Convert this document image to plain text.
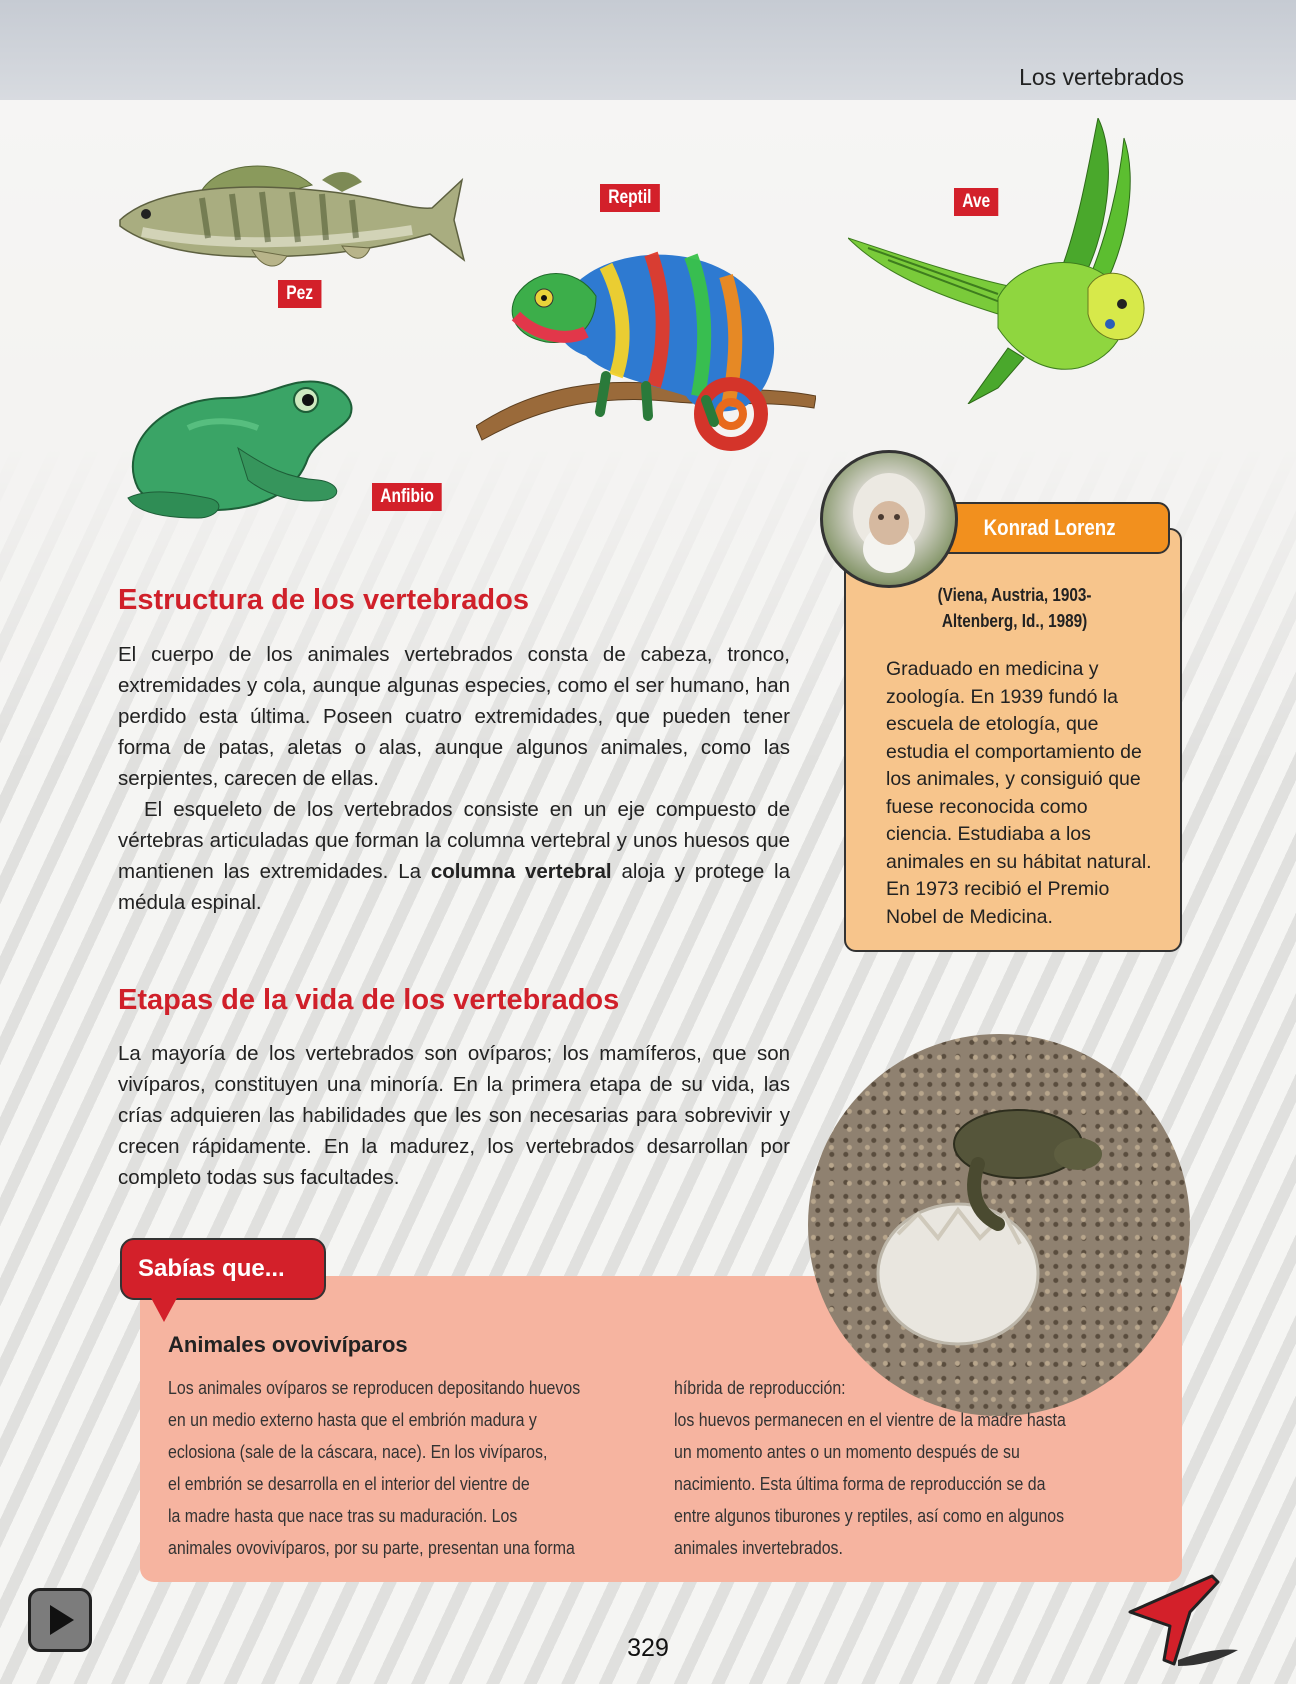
Los vertebrados
Pez
Reptil	Ave
Anfibio
Estructura de los vertebrados

El cuerpo de los animales vertebrados consta de cabeza, tronco, extremidades y cola, aunque algunas especies, como el ser humano, han perdido esta última. Poseen cuatro extremidades, que pueden tener forma de patas, aletas o alas, aunque algunos animales, como las serpientes, carecen de ellas.

El esqueleto de los vertebrados consiste en un eje compuesto de vértebras articuladas que forman la columna vertebral y unos huesos que mantienen las extremidades. La columna vertebral aloja y protege la médula espinal.

Konrad Lorenz
(Viena, Austria, 1903-
Altenberg, Id., 1989)

Graduado en medicina y zoología. En 1939 fundó la escuela de etología, que estudia el comportamiento de los animales, y consiguió que fuese reconocida como ciencia. Estudiaba a los animales en su hábitat natural. En 1973 recibió el Premio Nobel de Medicina.

Etapas de la vida de los vertebrados

La mayoría de los vertebrados son ovíparos; los mamíferos, que son vivíparos, constituyen una minoría. En la primera etapa de su vida, las crías adquieren las habilidades que les son necesarias para sobrevivir y crecen rápidamente. En la madurez, los vertebrados desarrollan por completo todas sus facultades.

Sabías que...
Animales ovovivíparos
Los animales ovíparos se reproducen depositando huevos
en un medio externo hasta que el embrión madura y
eclosiona (sale de la cáscara, nace). En los vivíparos,
el embrión se desarrolla en el interior del vientre de
la madre hasta que nace tras su maduración. Los
animales ovovivíparos, por su parte, presentan una forma
híbrida de reproducción:
los huevos permanecen en el vientre de la madre hasta
un momento antes o un momento después de su
nacimiento. Esta última forma de reproducción se da
entre algunos tiburones y reptiles, así como en algunos
animales invertebrados.
329
